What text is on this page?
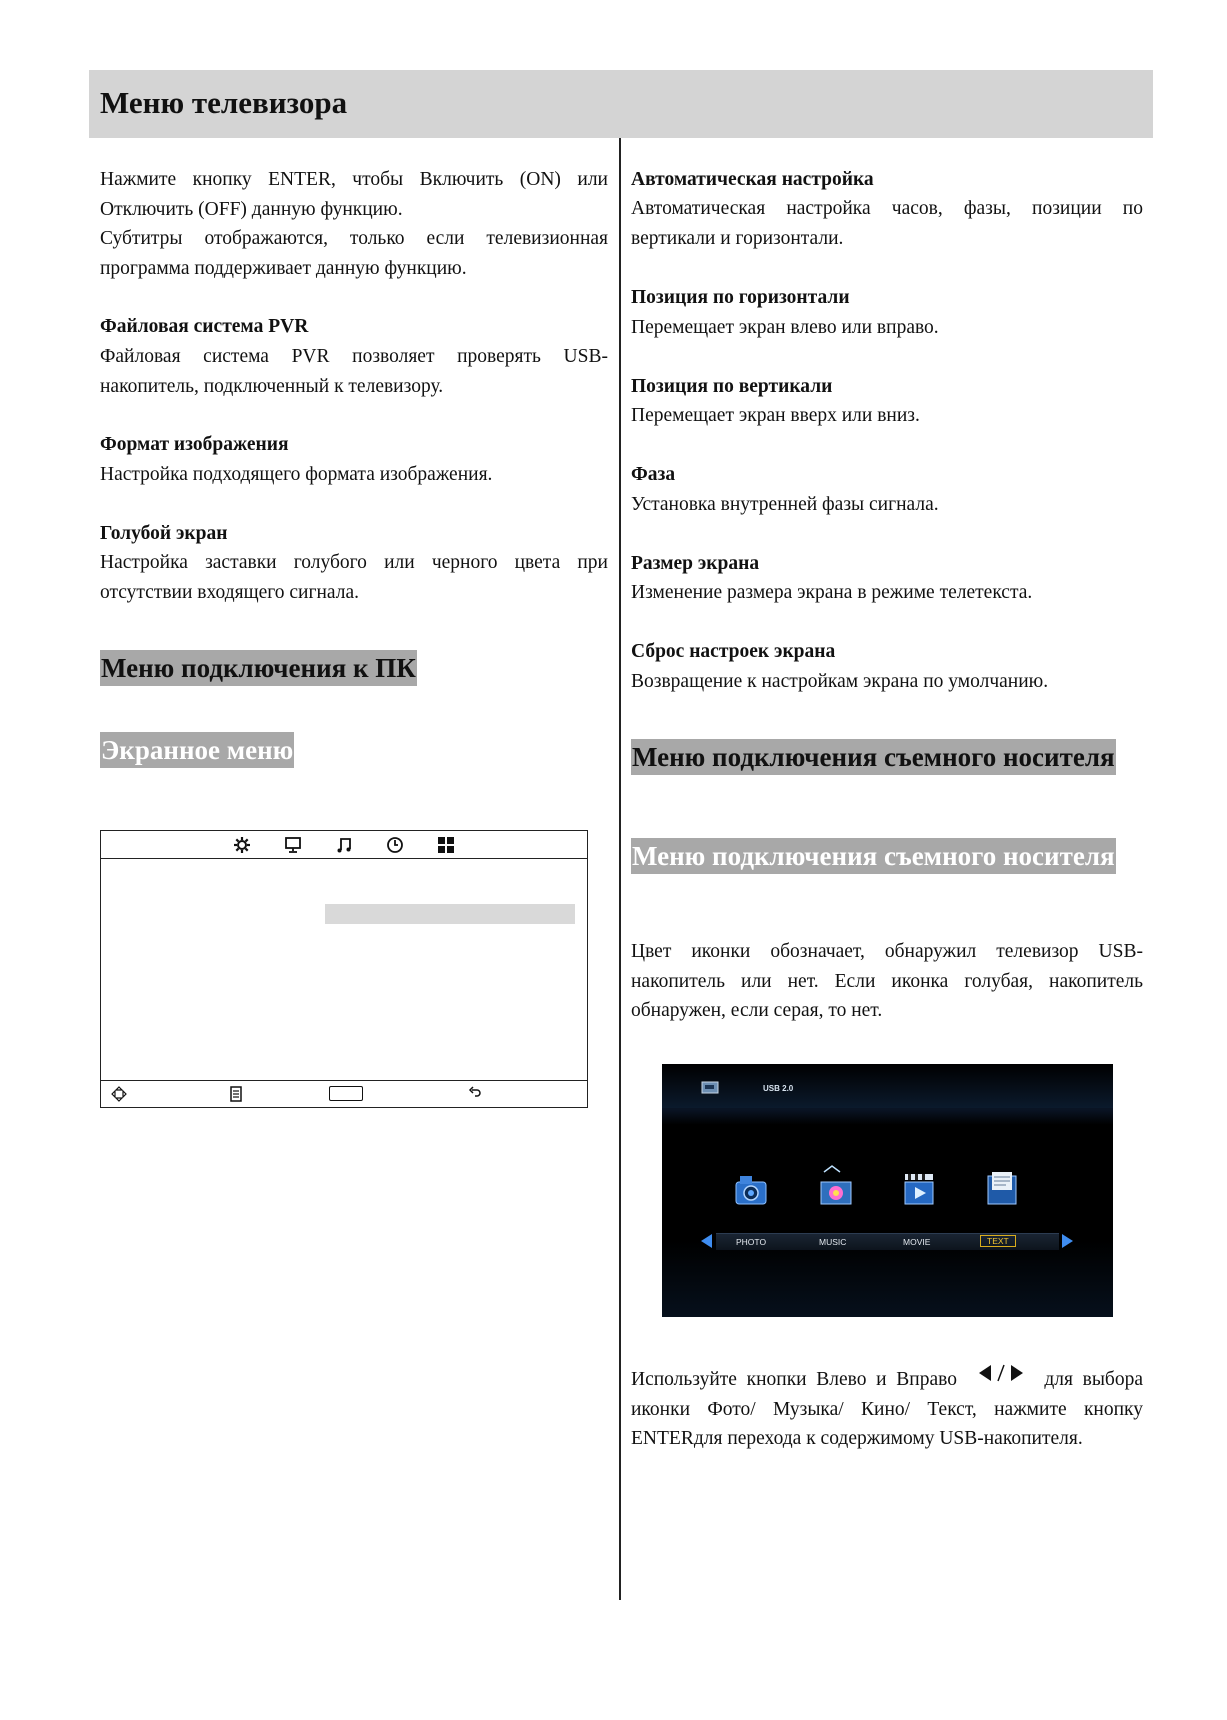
Меню телевизора

Нажмите кнопку ENTER, чтобы Включить (ON) или Отключить (OFF) данную функцию.

Субтитры отображаются, только если телевизионная программа поддерживает данную функцию.

Файловая система PVR

Файловая система PVR позволяет проверять USB-накопитель, подключенный к телевизору.

Формат изображения

Настройка подходящего формата изображения.

Голубой экран

Настройка заставки голубого или черного цвета при отсутствии входящего сигнала.

Меню подключения к ПК
Экранное меню

Автоматическая настройка

Автоматическая настройка часов, фазы, позиции по вертикали и горизонтали.

Позиция по горизонтали

Перемещает экран влево или вправо.

Позиция по вертикали

Перемещает экран вверх или вниз.

Фаза

Установка внутренней фазы сигнала.

Размер экрана

Изменение размера экрана в режиме телетекста.

Сброс настроек экрана

Возвращение к настройкам экрана по умолчанию.

Меню подключения съемного носителя
Меню подключения съемного носителя

Цвет иконки обозначает, обнаружил телевизор USB-накопитель или нет. Если иконка голубая, накопитель обнаружен, если серая, то нет.

Используйте кнопки Влево и Вправо	для выбора иконки Фото/ Музыка/ Кино/ Текст, нажмите кнопку ENTERдля перехода к содержимому USB-накопителя.

USB 2.0
PHOTO	MUSIC	MOVIE	TEXT
